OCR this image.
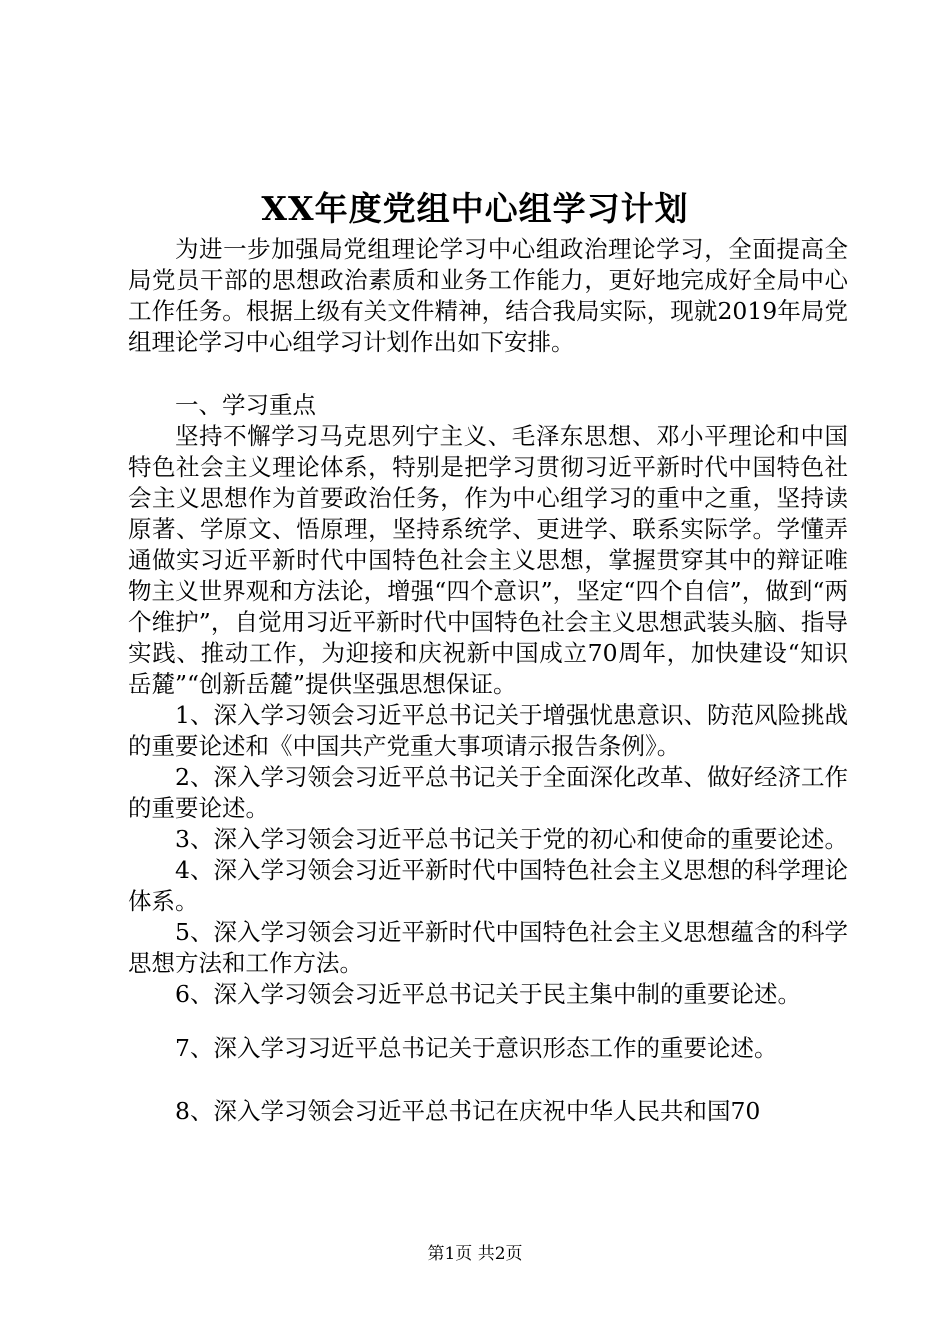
XX年度党组中心组学习计划

为进一步加强局党组理论学习中心组政治理论学习，全面提高全局党员干部的思想政治素质和业务工作能力，更好地完成好全局中心工作任务。根据上级有关文件精神，结合我局实际，现就2019年局党组理论学习中心组学习计划作出如下安排。

一、学习重点

坚持不懈学习马克思列宁主义、毛泽东思想、邓小平理论和中国特色社会主义理论体系，特别是把学习贯彻习近平新时代中国特色社会主义思想作为首要政治任务，作为中心组学习的重中之重，坚持读原著、学原文、悟原理，坚持系统学、更进学、联系实际学。学懂弄通做实习近平新时代中国特色社会主义思想，掌握贯穿其中的辩证唯物主义世界观和方法论，增强“四个意识”，坚定“四个自信”，做到“两个维护”，自觉用习近平新时代中国特色社会主义思想武装头脑、指导实践、推动工作，为迎接和庆祝新中国成立70周年，加快建设“知识岳麓”“创新岳麓”提供坚强思想保证。

1、深入学习领会习近平总书记关于增强忧患意识、防范风险挑战的重要论述和《中国共产党重大事项请示报告条例》。

2、深入学习领会习近平总书记关于全面深化改革、做好经济工作的重要论述。

3、深入学习领会习近平总书记关于党的初心和使命的重要论述。

4、深入学习领会习近平新时代中国特色社会主义思想的科学理论体系。

5、深入学习领会习近平新时代中国特色社会主义思想蕴含的科学思想方法和工作方法。

6、深入学习领会习近平总书记关于民主集中制的重要论述。

7、深入学习习近平总书记关于意识形态工作的重要论述。

8、深入学习领会习近平总书记在庆祝中华人民共和国70

第1页 共2页
